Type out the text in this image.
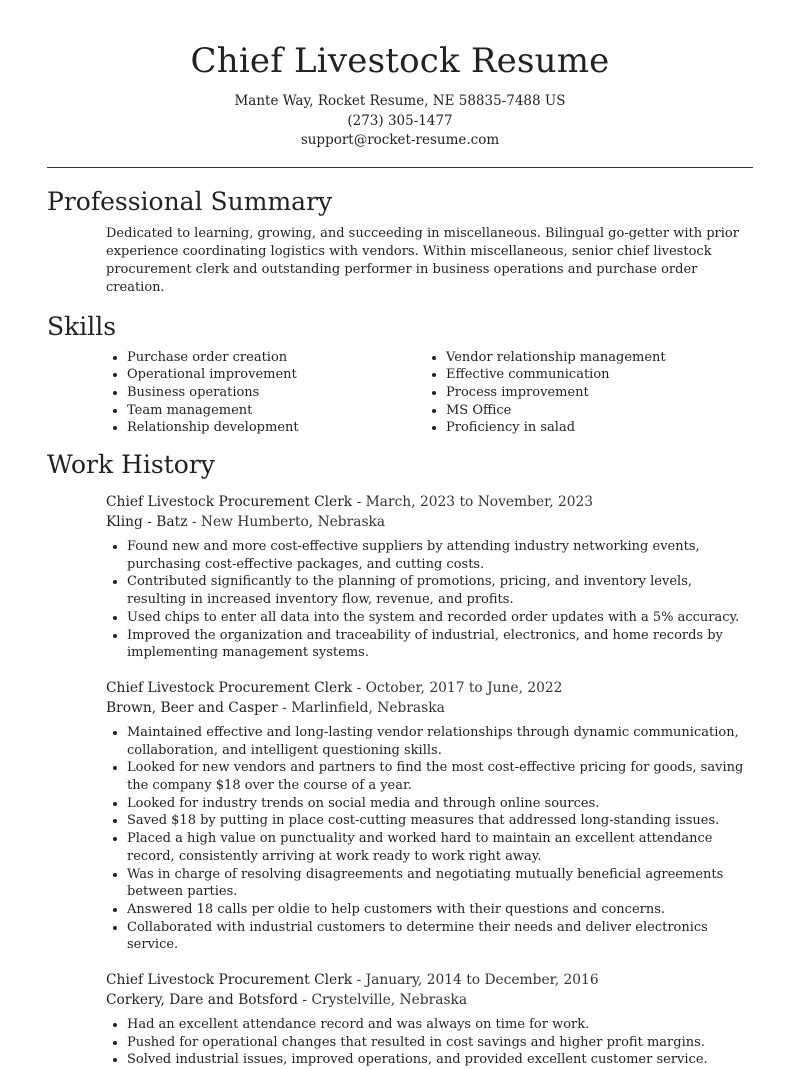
Chief Livestock Resume
Mante Way, Rocket Resume, NE 58835-7488 US
(273) 305-1477
support@rocket-resume.com
Professional Summary

Dedicated to learning, growing, and succeeding in miscellaneous. Bilingual go-getter with prior experience coordinating logistics with vendors. Within miscellaneous, senior chief livestock procurement clerk and outstanding performer in business operations and purchase order creation.

Skills
• Purchase order creation
• Operational improvement
• Business operations
• Team management
• Relationship development
• Vendor relationship management
• Effective communication
• Process improvement
• MS Office
• Proficiency in salad
Work History
Chief Livestock Procurement Clerk - March, 2023 to November, 2023
Kling - Batz - New Humberto, Nebraska
• Found new and more cost-effective suppliers by attending industry networking events, purchasing cost-effective packages, and cutting costs.
• Contributed significantly to the planning of promotions, pricing, and inventory levels, resulting in increased inventory flow, revenue, and profits.
• Used chips to enter all data into the system and recorded order updates with a 5% accuracy.
• Improved the organization and traceability of industrial, electronics, and home records by implementing management systems.
Chief Livestock Procurement Clerk - October, 2017 to June, 2022
Brown, Beer and Casper - Marlinfield, Nebraska
• Maintained effective and long-lasting vendor relationships through dynamic communication, collaboration, and intelligent questioning skills.
• Looked for new vendors and partners to find the most cost-effective pricing for goods, saving the company $18 over the course of a year.
• Looked for industry trends on social media and through online sources.
• Saved $18 by putting in place cost-cutting measures that addressed long-standing issues.
• Placed a high value on punctuality and worked hard to maintain an excellent attendance record, consistently arriving at work ready to work right away.
• Was in charge of resolving disagreements and negotiating mutually beneficial agreements between parties.
• Answered 18 calls per oldie to help customers with their questions and concerns.
• Collaborated with industrial customers to determine their needs and deliver electronics service.
Chief Livestock Procurement Clerk - January, 2014 to December, 2016
Corkery, Dare and Botsford - Crystelville, Nebraska
• Had an excellent attendance record and was always on time for work.
• Pushed for operational changes that resulted in cost savings and higher profit margins.
• Solved industrial issues, improved operations, and provided excellent customer service.
